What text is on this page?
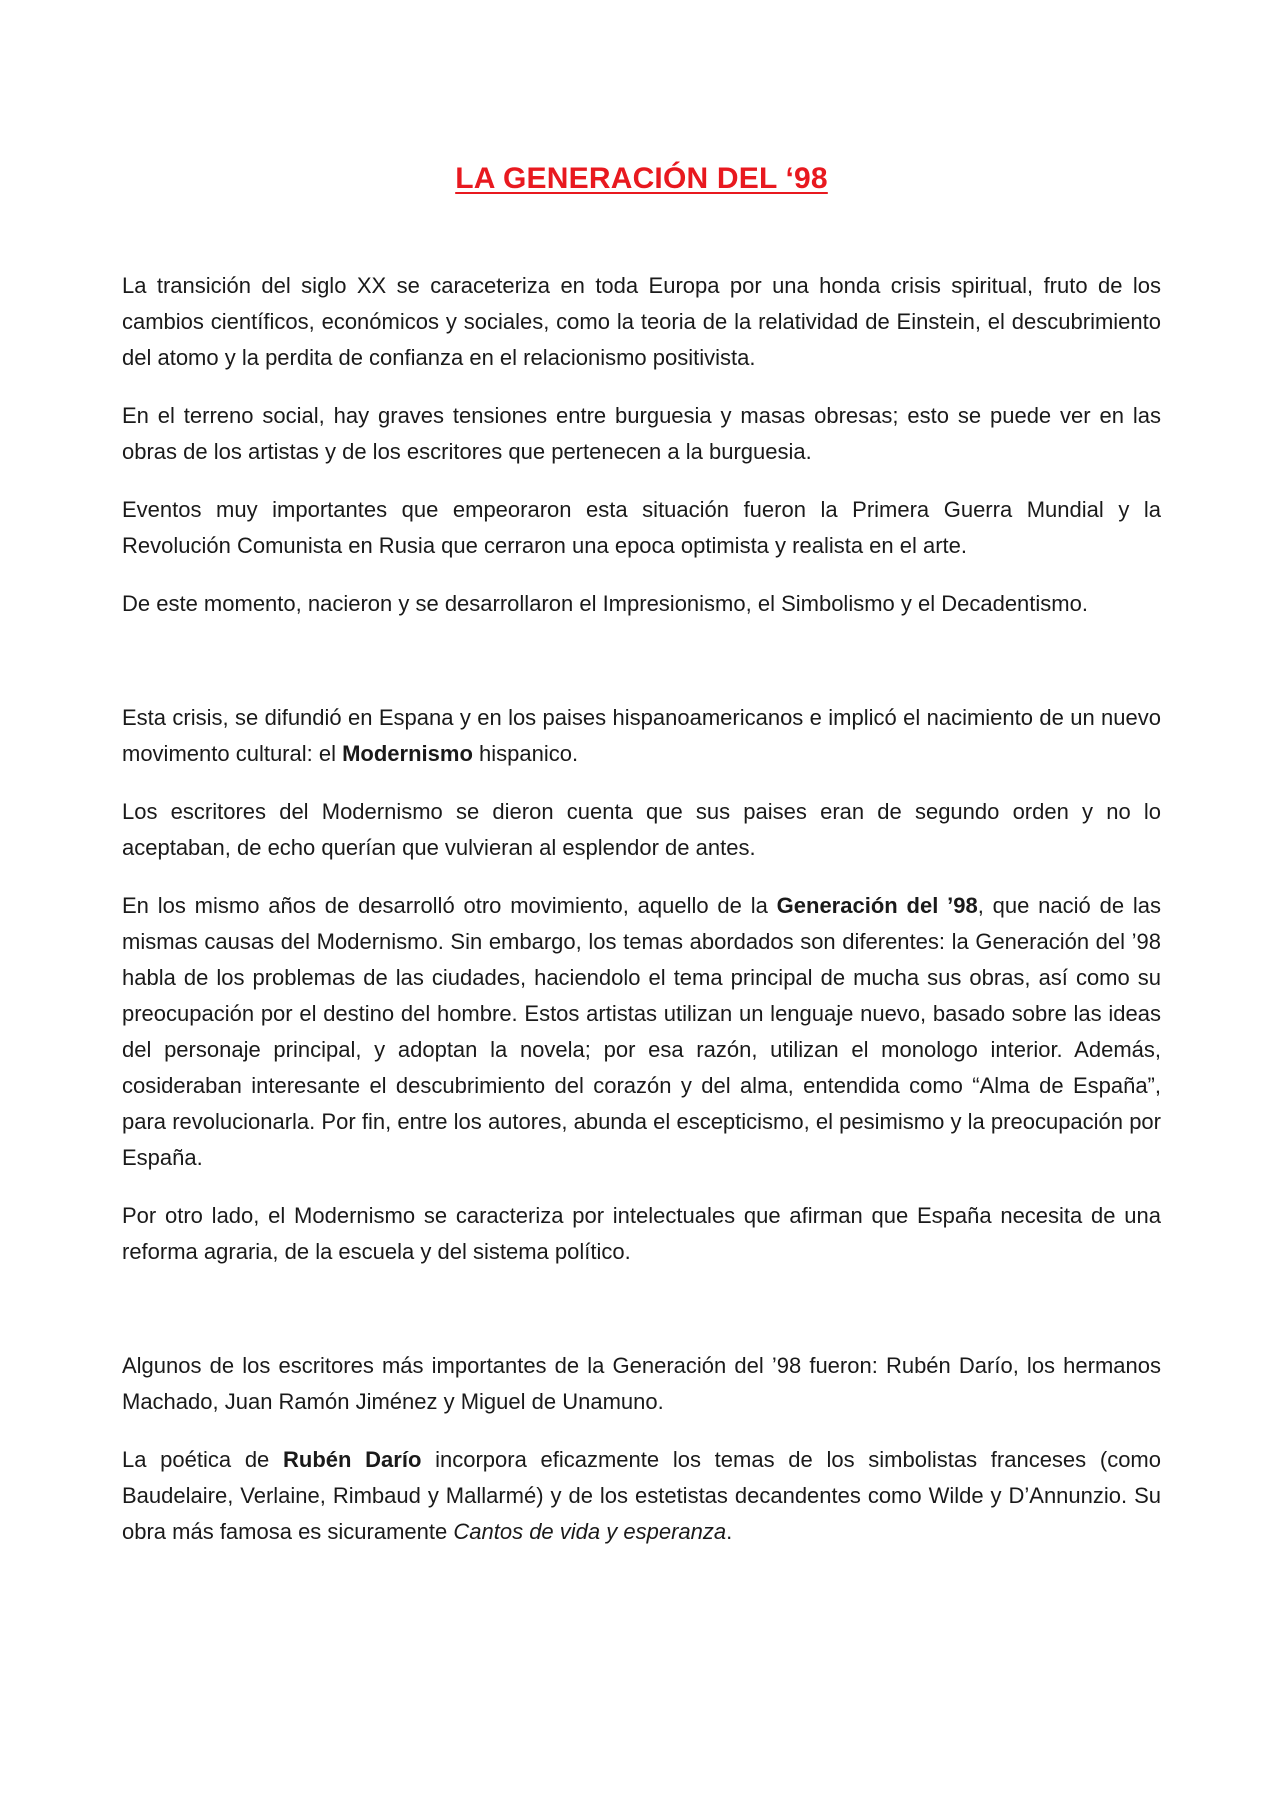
LA GENERACIÓN DEL ‘98

La transición del siglo XX se caraceteriza en toda Europa por una honda crisis spiritual, fruto de los cambios científicos, económicos y sociales, como la teoria de la relatividad de Einstein, el descubrimiento del atomo y la perdita de confianza en el relacionismo positivista.

En el terreno social, hay graves tensiones entre burguesia y masas obresas; esto se puede ver en las obras de los artistas y de los escritores que pertenecen a la burguesia.

Eventos muy importantes que empeoraron esta situación fueron la Primera Guerra Mundial y la Revolución Comunista en Rusia que cerraron una epoca optimista y realista en el arte.

De este momento, nacieron y se desarrollaron el Impresionismo, el Simbolismo y el Decadentismo.

Esta crisis, se difundió en Espana y en los paises hispanoamericanos e implicó el nacimiento de un nuevo movimento cultural: el Modernismo hispanico.

Los escritores del Modernismo se dieron cuenta que sus paises eran de segundo orden y no lo aceptaban, de echo querían que vulvieran al esplendor de antes.

En los mismo años de desarrolló otro movimiento, aquello de la Generación del ’98, que nació de las mismas causas del Modernismo. Sin embargo, los temas abordados son diferentes: la Generación del ’98 habla de los problemas de las ciudades, haciendolo el tema principal de mucha sus obras, así como su preocupación por el destino del hombre. Estos artistas utilizan un lenguaje nuevo, basado sobre las ideas del personaje principal, y adoptan la novela; por esa razón, utilizan el monologo interior. Además, cosideraban interesante el descubrimiento del corazón y del alma, entendida como “Alma de España”, para revolucionarla. Por fin, entre los autores, abunda el escepticismo, el pesimismo y la preocupación por España.

Por otro lado, el Modernismo se caracteriza por intelectuales que afirman que España necesita de una reforma agraria, de la escuela y del sistema político.

Algunos de los escritores más importantes de la Generación del ’98 fueron: Rubén Darío, los hermanos Machado, Juan Ramón Jiménez y Miguel de Unamuno.

La poética de Rubén Darío incorpora eficazmente los temas de los simbolistas franceses (como Baudelaire, Verlaine, Rimbaud y Mallarmé) y de los estetistas decandentes como Wilde y D’Annunzio. Su obra más famosa es sicuramente Cantos de vida y esperanza.
